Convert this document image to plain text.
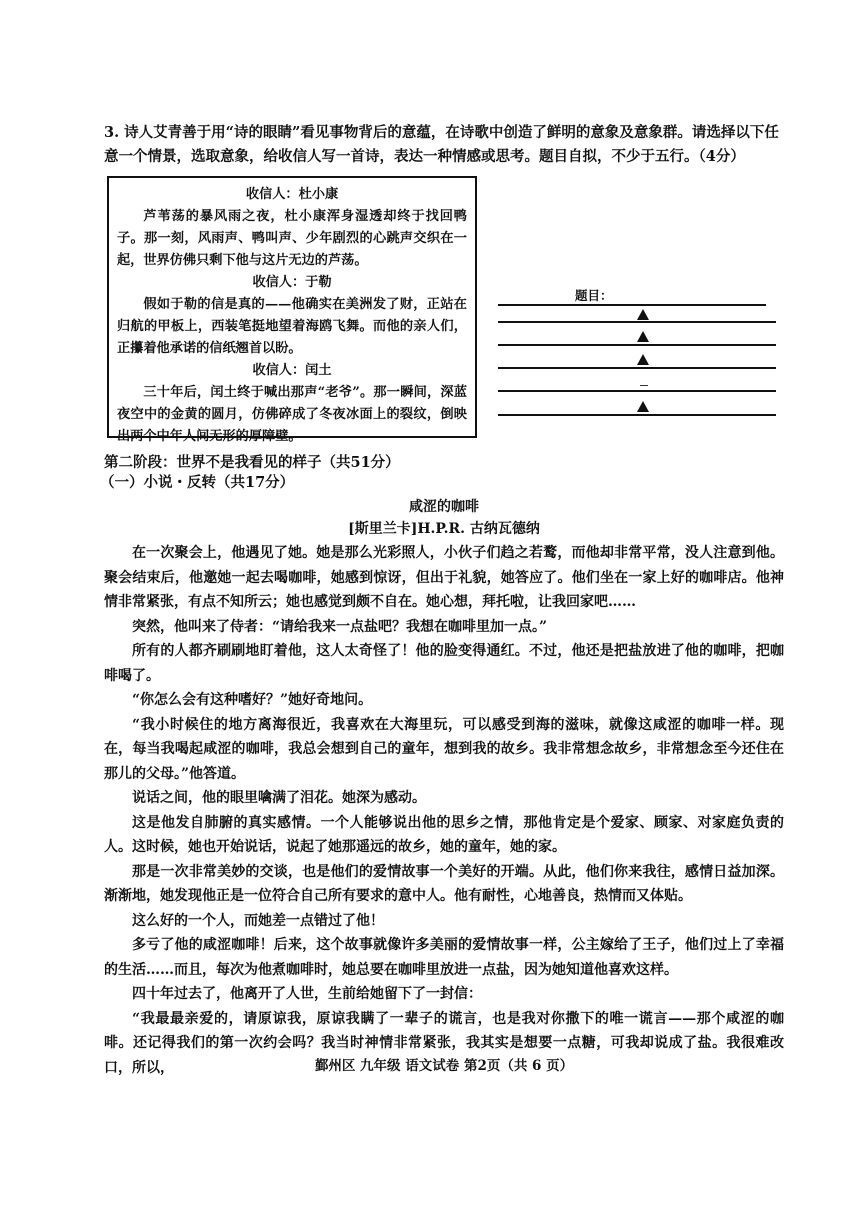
3. 诗人艾青善于用“诗的眼睛”看见事物背后的意蕴，在诗歌中创造了鲜明的意象及意象群。请选择以下任意一个情景，选取意象，给收信人写一首诗，表达一种情感或思考。题目自拟，不少于五行。（4分）
收信人：杜小康

芦苇荡的暴风雨之夜，杜小康浑身湿透却终于找回鸭子。那一刻，风雨声、鸭叫声、少年剧烈的心跳声交织在一起，世界仿佛只剩下他与这片无边的芦荡。

收信人：于勒

假如于勒的信是真的——他确实在美洲发了财，正站在归航的甲板上，西装笔挺地望着海鸥飞舞。而他的亲人们，正攥着他承诺的信纸翘首以盼。

收信人：闰土

三十年后，闰土终于喊出那声“老爷”。那一瞬间，深蓝夜空中的金黄的圆月，仿佛碎成了冬夜冰面上的裂纹，倒映出两个中年人间无形的厚障壁。

题目：
第二阶段：世界不是我看见的样子（共51分）
（一）小说・反转（共17分）
咸涩的咖啡
[斯里兰卡]H.P.R. 古纳瓦德纳

在一次聚会上，他遇见了她。她是那么光彩照人，小伙子们趋之若鹜，而他却非常平常，没人注意到他。聚会结束后，他邀她一起去喝咖啡，她感到惊讶，但出于礼貌，她答应了。他们坐在一家上好的咖啡店。他神情非常紧张，有点不知所云；她也感觉到颇不自在。她心想，拜托啦，让我回家吧……

突然，他叫来了侍者：“请给我来一点盐吧？我想在咖啡里加一点。”

所有的人都齐刷刷地盯着他，这人太奇怪了！他的脸变得通红。不过，他还是把盐放进了他的咖啡，把咖啡喝了。

“你怎么会有这种嗜好？”她好奇地问。

“我小时候住的地方离海很近，我喜欢在大海里玩，可以感受到海的滋味，就像这咸涩的咖啡一样。现在，每当我喝起咸涩的咖啡，我总会想到自己的童年，想到我的故乡。我非常想念故乡，非常想念至今还住在那儿的父母。”他答道。

说话之间，他的眼里噙满了泪花。她深为感动。

这是他发自肺腑的真实感情。一个人能够说出他的思乡之情，那他肯定是个爱家、顾家、对家庭负责的人。这时候，她也开始说话，说起了她那遥远的故乡，她的童年，她的家。

那是一次非常美妙的交谈，也是他们的爱情故事一个美好的开端。从此，他们你来我往，感情日益加深。渐渐地，她发现他正是一位符合自己所有要求的意中人。他有耐性，心地善良，热情而又体贴。

这么好的一个人，而她差一点错过了他！

多亏了他的咸涩咖啡！后来，这个故事就像许多美丽的爱情故事一样，公主嫁给了王子，他们过上了幸福的生活……而且，每次为他煮咖啡时，她总要在咖啡里放进一点盐，因为她知道他喜欢这样。

四十年过去了，他离开了人世，生前给她留下了一封信：

“我最最亲爱的，请原谅我，原谅我瞒了一辈子的谎言，也是我对你撒下的唯一谎言——那个咸涩的咖啡。还记得我们的第一次约会吗？我当时神情非常紧张，我其实是想要一点糖，可我却说成了盐。我很难改口，所以，	鄞州区 九年级 语文试卷 第2页（共 6 页）
